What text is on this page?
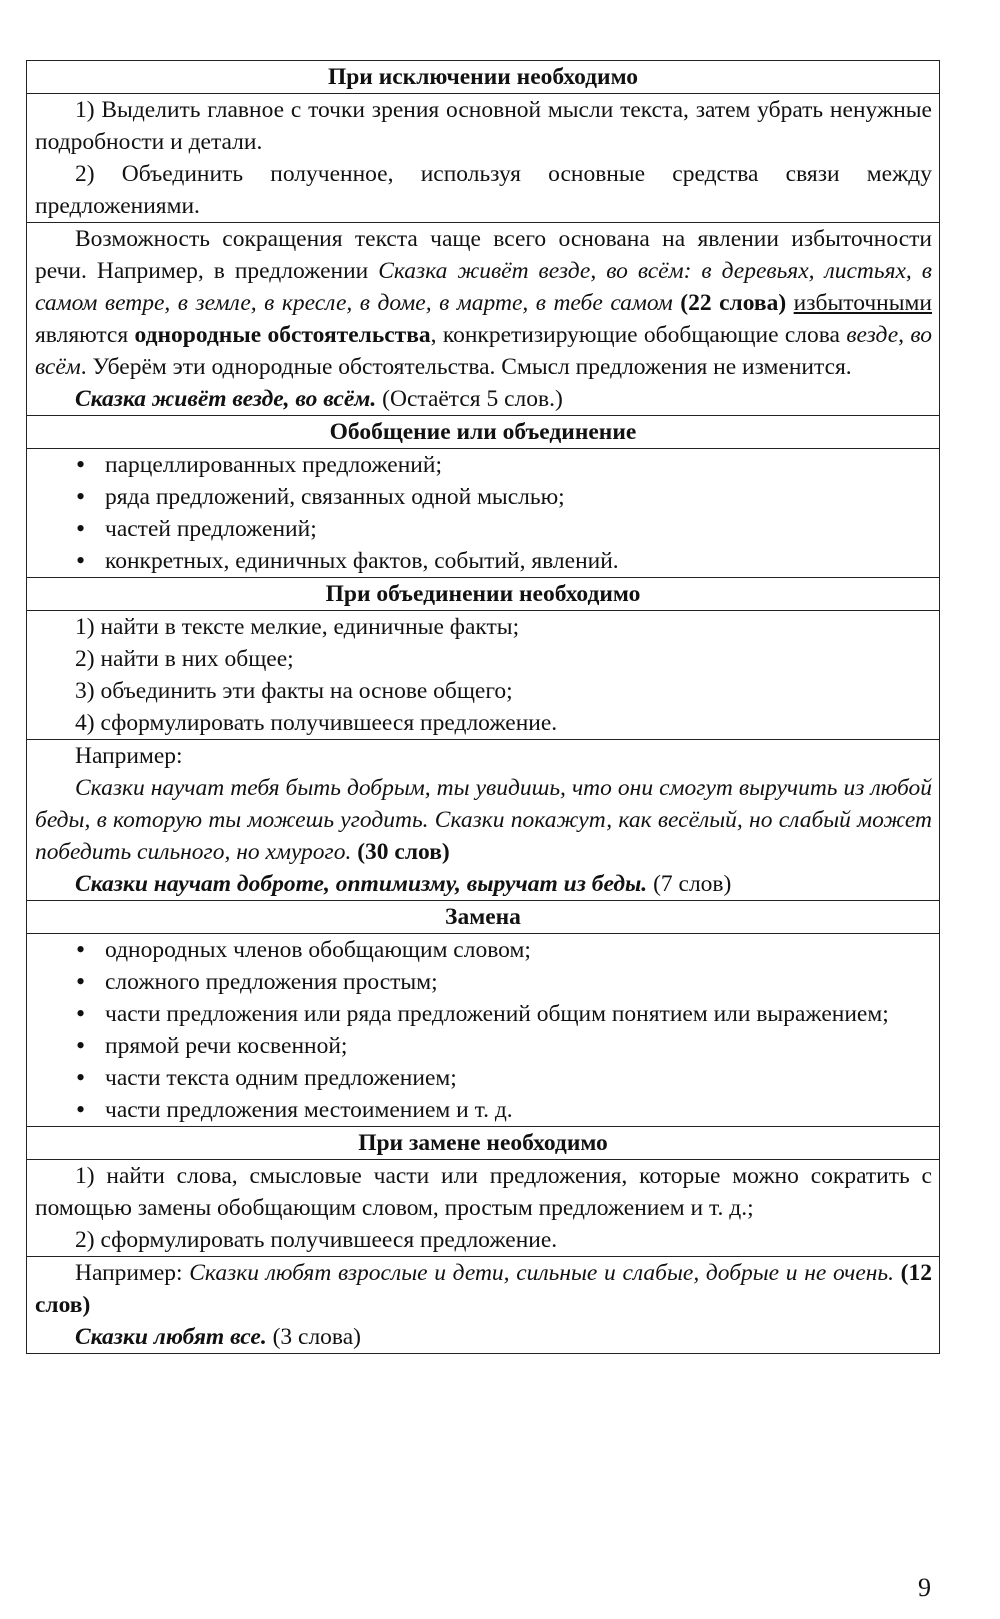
При исключении необходимо

1) Выделить главное с точки зрения основной мысли текста, затем убрать ненужные подробности и детали.

2) Объединить полученное, используя основные средства связи между предложениями.

Возможность сокращения текста чаще всего основана на явлении избыточности речи. Например, в предложении Сказка живёт везде, во всём: в деревьях, листьях, в самом ветре, в земле, в кресле, в доме, в марте, в тебе самом (22 слова) избыточными являются однородные обстоятельства, конкретизирующие обобщающие слова везде, во всём. Уберём эти однородные обстоятельства. Смысл предложения не изменится.

Сказка живёт везде, во всём. (Остаётся 5 слов.)

Обобщение или объединение
• парцеллированных предложений;
• ряда предложений, связанных одной мыслью;
• частей предложений;
• конкретных, единичных фактов, событий, явлений.
При объединении необходимо

1) найти в тексте мелкие, единичные факты;

2) найти в них общее;

3) объединить эти факты на основе общего;

4) сформулировать получившееся предложение.

Например:

Сказки научат тебя быть добрым, ты увидишь, что они смогут выручить из любой беды, в которую ты можешь угодить. Сказки покажут, как весёлый, но слабый может победить сильного, но хмурого. (30 слов)

Сказки научат доброте, оптимизму, выручат из беды. (7 слов)

Замена
• однородных членов обобщающим словом;
• сложного предложения простым;
• части предложения или ряда предложений общим понятием или выражением;
• прямой речи косвенной;
• части текста одним предложением;
• части предложения местоимением и т. д.
При замене необходимо

1) найти слова, смысловые части или предложения, которые можно сократить с помощью замены обобщающим словом, простым предложением и т. д.;

2) сформулировать получившееся предложение.

Например: Сказки любят взрослые и дети, сильные и слабые, добрые и не очень. (12 слов)

Сказки любят все. (3 слова)

9
